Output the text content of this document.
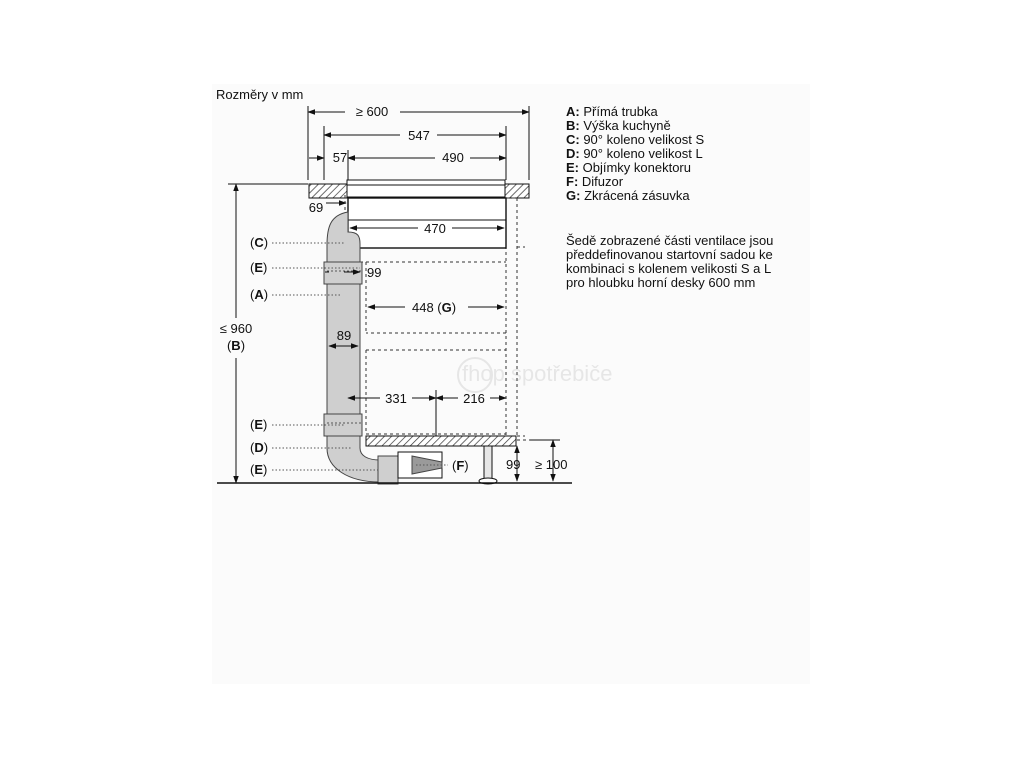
Rozměry v mm
≥ 600
547
57	490
69
470
99
448 (G)
89
331	216
≤ 960
(B)
(C)
(E)
(A)
(E)
(D)
(E)	(F)	99 ≥ 100
fhop spotřebiče
A: Přímá trubka
B: Výška kuchyně
C: 90° koleno velikost S
D: 90° koleno velikost L
E: Objímky konektoru
F: Difuzor
G: Zkrácená zásuvka
Šedě zobrazené části ventilace jsou
předdefinovanou startovní sadou ke
kombinaci s kolenem velikosti S a L
pro hloubku horní desky 600 mm
